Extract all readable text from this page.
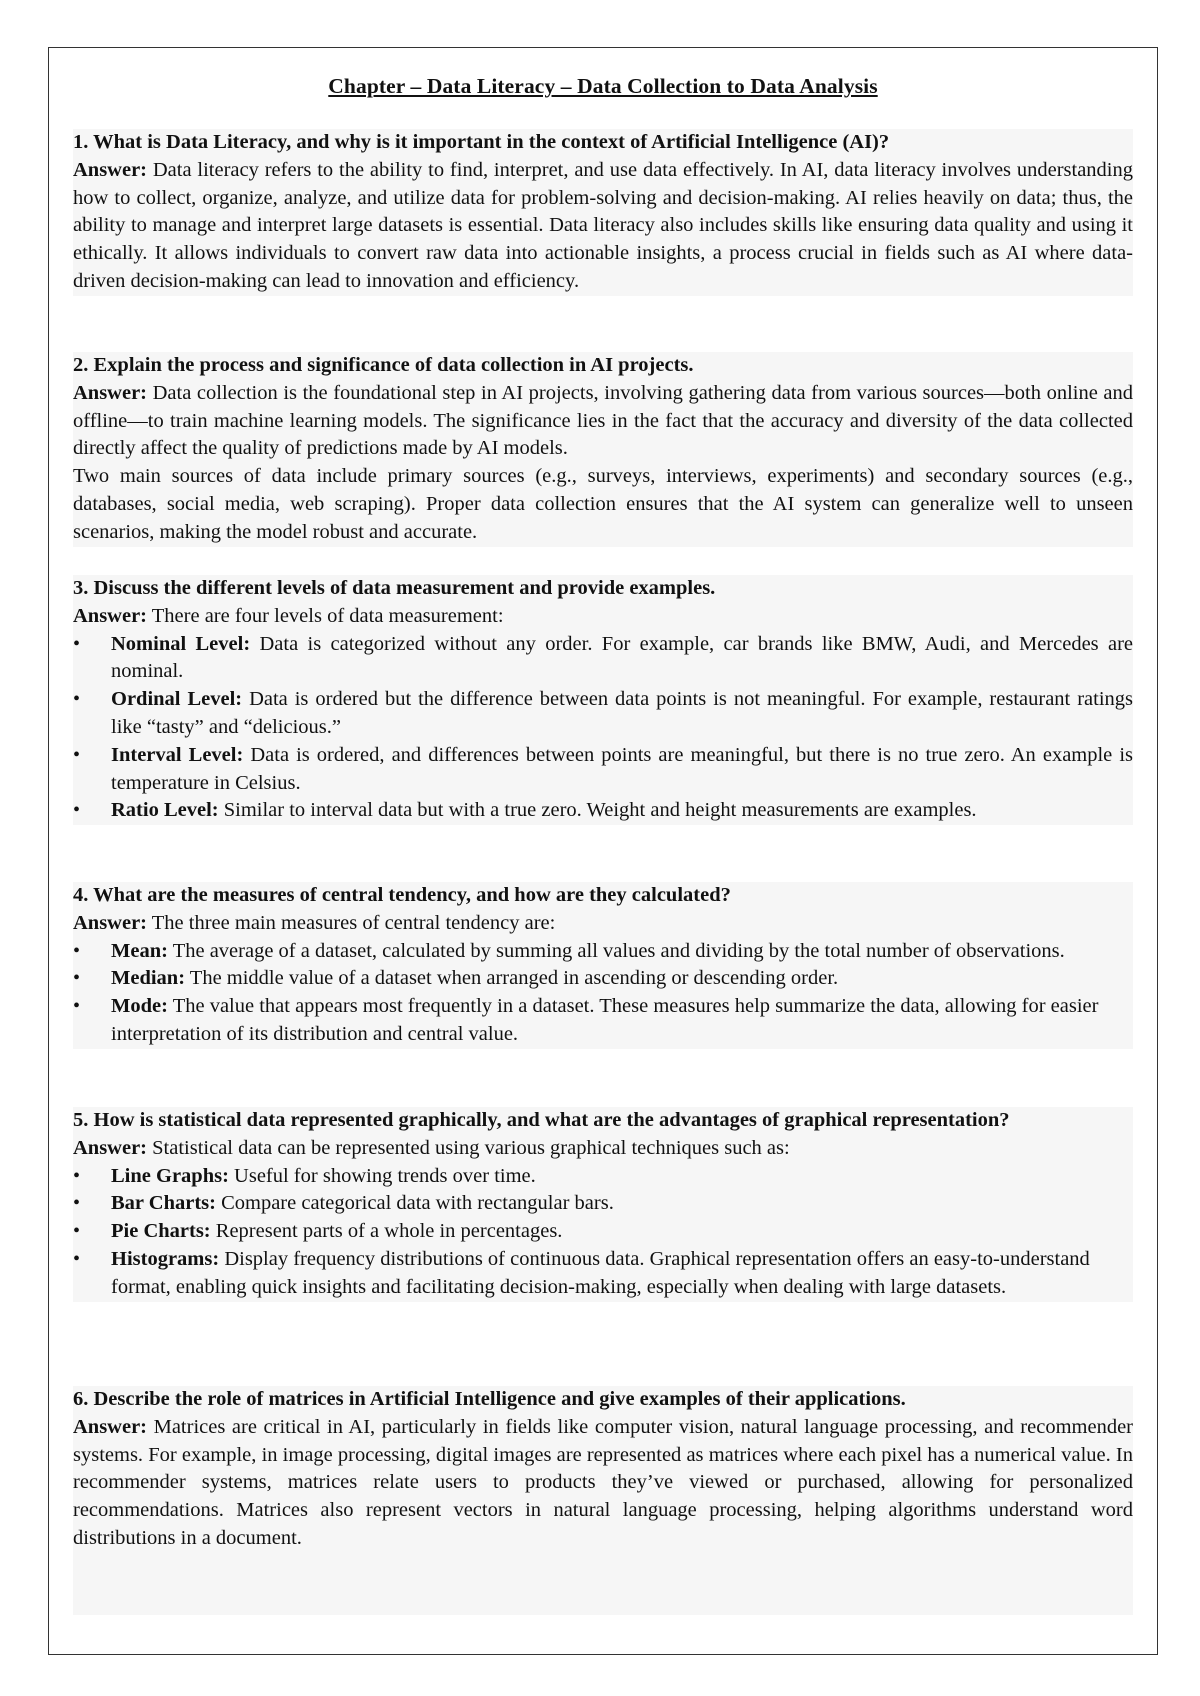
Chapter – Data Literacy – Data Collection to Data Analysis
1. What is Data Literacy, and why is it important in the context of Artificial Intelligence (AI)?
Answer: Data literacy refers to the ability to find, interpret, and use data effectively. In AI, data literacy involves understanding how to collect, organize, analyze, and utilize data for problem-solving and decision-making. AI relies heavily on data; thus, the ability to manage and interpret large datasets is essential. Data literacy also includes skills like ensuring data quality and using it ethically. It allows individuals to convert raw data into actionable insights, a process crucial in fields such as AI where data-driven decision-making can lead to innovation and efficiency.
2. Explain the process and significance of data collection in AI projects.
Answer: Data collection is the foundational step in AI projects, involving gathering data from various sources—both online and offline—to train machine learning models. The significance lies in the fact that the accuracy and diversity of the data collected directly affect the quality of predictions made by AI models.
Two main sources of data include primary sources (e.g., surveys, interviews, experiments) and secondary sources (e.g., databases, social media, web scraping). Proper data collection ensures that the AI system can generalize well to unseen scenarios, making the model robust and accurate.
3. Discuss the different levels of data measurement and provide examples.
Answer: There are four levels of data measurement:
• Nominal Level: Data is categorized without any order. For example, car brands like BMW, Audi, and Mercedes are nominal.
• Ordinal Level: Data is ordered but the difference between data points is not meaningful. For example, restaurant ratings like “tasty” and “delicious.”
• Interval Level: Data is ordered, and differences between points are meaningful, but there is no true zero. An example is temperature in Celsius.
• Ratio Level: Similar to interval data but with a true zero. Weight and height measurements are examples.
4. What are the measures of central tendency, and how are they calculated?
Answer: The three main measures of central tendency are:
• Mean: The average of a dataset, calculated by summing all values and dividing by the total number of observations.
• Median: The middle value of a dataset when arranged in ascending or descending order.
• Mode: The value that appears most frequently in a dataset. These measures help summarize the data, allowing for easier interpretation of its distribution and central value.
5. How is statistical data represented graphically, and what are the advantages of graphical representation?
Answer: Statistical data can be represented using various graphical techniques such as:
• Line Graphs: Useful for showing trends over time.
• Bar Charts: Compare categorical data with rectangular bars.
• Pie Charts: Represent parts of a whole in percentages.
• Histograms: Display frequency distributions of continuous data. Graphical representation offers an easy-to-understand format, enabling quick insights and facilitating decision-making, especially when dealing with large datasets.
6. Describe the role of matrices in Artificial Intelligence and give examples of their applications.
Answer: Matrices are critical in AI, particularly in fields like computer vision, natural language processing, and recommender systems. For example, in image processing, digital images are represented as matrices where each pixel has a numerical value. In recommender systems, matrices relate users to products they’ve viewed or purchased, allowing for personalized recommendations. Matrices also represent vectors in natural language processing, helping algorithms understand word distributions in a document.
